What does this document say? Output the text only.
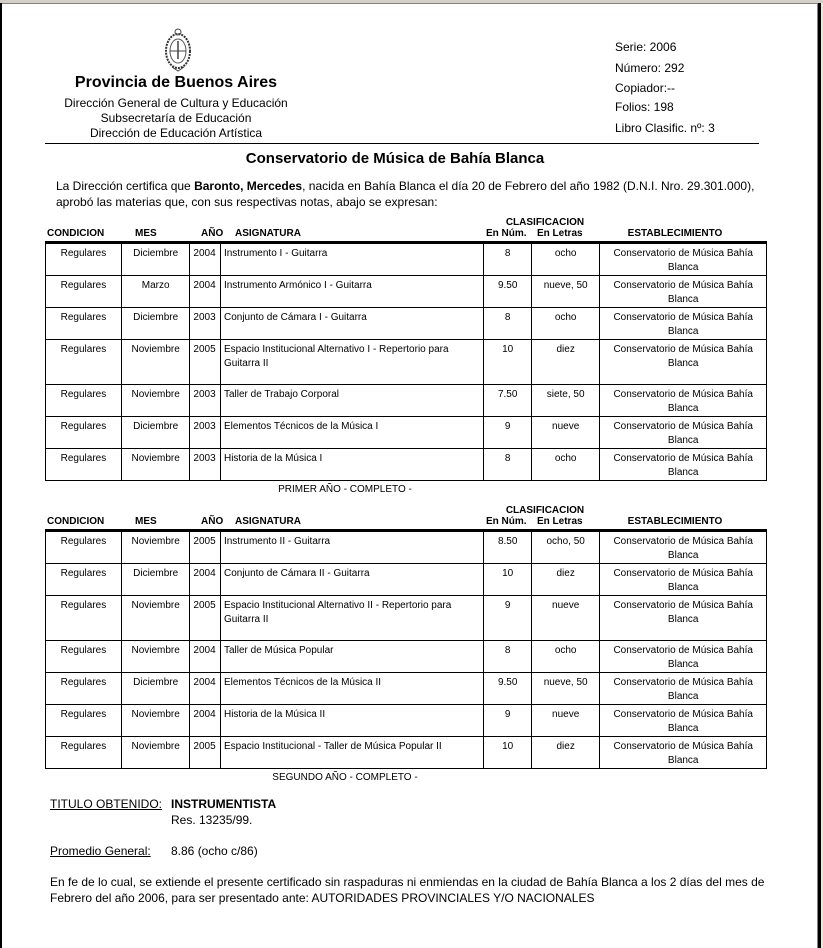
Provincia de Buenos Aires
Dirección General de Cultura y Educación
Subsecretaría de Educación
Dirección de Educación Artística
Serie: 2006
Número: 292
Copiador:--
Folios: 198
Libro Clasific. nº: 3
Conservatorio de Música de Bahía Blanca
La Dirección certifica que Baronto, Mercedes, nacida en Bahía Blanca el día 20 de Febrero del año 1982 (D.N.I. Nro. 29.301.000), aprobó las materias que, con sus respectivas notas, abajo se expresan:
CONDICION	MES	AÑO ASIGNATURA
CLASIFICACION
En Núm. En Letras	ESTABLECIMIENTO
Regulares	Diciembre	2004	Instrumento I - Guitarra	8	ocho	Conservatorio de Música Bahía Blanca
Regulares	Marzo	2004	Instrumento Armónico I - Guitarra	9.50	nueve, 50	Conservatorio de Música Bahía Blanca
Regulares	Diciembre	2003	Conjunto de Cámara I - Guitarra	8	ocho	Conservatorio de Música Bahía Blanca
Regulares	Noviembre	2005	Espacio Institucional Alternativo I - Repertorio para Guitarra II	10	diez	Conservatorio de Música Bahía Blanca
Regulares	Noviembre	2003	Taller de Trabajo Corporal	7.50	siete, 50	Conservatorio de Música Bahía Blanca
Regulares	Diciembre	2003	Elementos Técnicos de la Música I	9	nueve	Conservatorio de Música Bahía Blanca
Regulares	Noviembre	2003	Historia de la Música I	8	ocho	Conservatorio de Música Bahía Blanca
PRIMER AÑO - COMPLETO -
CONDICION	MES	AÑO ASIGNATURA
CLASIFICACION
En Núm. En Letras	ESTABLECIMIENTO
Regulares	Noviembre	2005	Instrumento II - Guitarra	8.50	ocho, 50	Conservatorio de Música Bahía Blanca
Regulares	Diciembre	2004	Conjunto de Cámara II - Guitarra	10	diez	Conservatorio de Música Bahía Blanca
Regulares	Noviembre	2005	Espacio Institucional Alternativo II - Repertorio para Guitarra II	9	nueve	Conservatorio de Música Bahía Blanca
Regulares	Noviembre	2004	Taller de Música Popular	8	ocho	Conservatorio de Música Bahía Blanca
Regulares	Diciembre	2004	Elementos Técnicos de la Música II	9.50	nueve, 50	Conservatorio de Música Bahía Blanca
Regulares	Noviembre	2004	Historia de la Música II	9	nueve	Conservatorio de Música Bahía Blanca
Regulares	Noviembre	2005	Espacio Institucional - Taller de Música Popular II	10	diez	Conservatorio de Música Bahía Blanca
SEGUNDO AÑO - COMPLETO -
TITULO OBTENIDO: INSTRUMENTISTA
Res. 13235/99.
Promedio General: 8.86 (ocho c/86)
En fe de lo cual, se extiende el presente certificado sin raspaduras ni enmiendas en la ciudad de Bahía Blanca a los 2 días del mes de Febrero del año 2006, para ser presentado ante: AUTORIDADES PROVINCIALES Y/O NACIONALES
